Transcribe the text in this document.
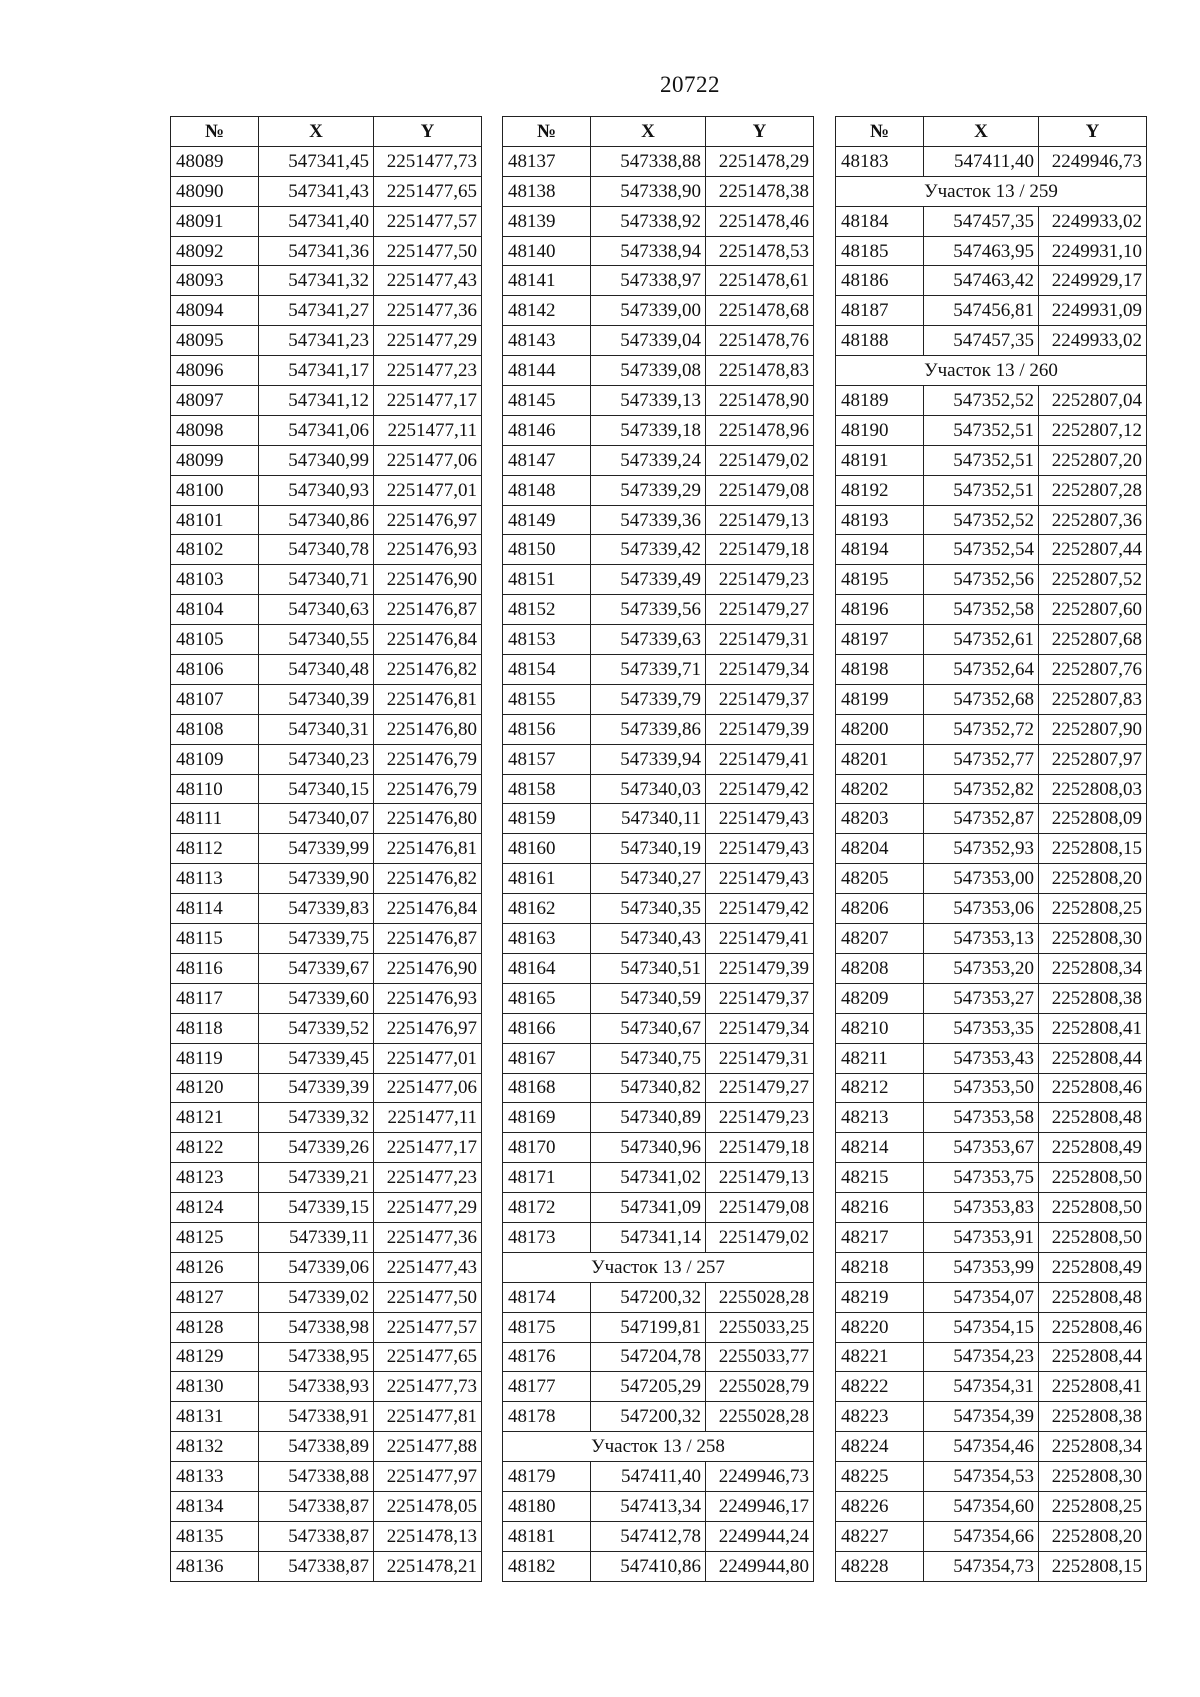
20722
№	X	Y
48089	547341,45	2251477,73
48090	547341,43	2251477,65
48091	547341,40	2251477,57
48092	547341,36	2251477,50
48093	547341,32	2251477,43
48094	547341,27	2251477,36
48095	547341,23	2251477,29
48096	547341,17	2251477,23
48097	547341,12	2251477,17
48098	547341,06	2251477,11
48099	547340,99	2251477,06
48100	547340,93	2251477,01
48101	547340,86	2251476,97
48102	547340,78	2251476,93
48103	547340,71	2251476,90
48104	547340,63	2251476,87
48105	547340,55	2251476,84
48106	547340,48	2251476,82
48107	547340,39	2251476,81
48108	547340,31	2251476,80
48109	547340,23	2251476,79
48110	547340,15	2251476,79
48111	547340,07	2251476,80
48112	547339,99	2251476,81
48113	547339,90	2251476,82
48114	547339,83	2251476,84
48115	547339,75	2251476,87
48116	547339,67	2251476,90
48117	547339,60	2251476,93
48118	547339,52	2251476,97
48119	547339,45	2251477,01
48120	547339,39	2251477,06
48121	547339,32	2251477,11
48122	547339,26	2251477,17
48123	547339,21	2251477,23
48124	547339,15	2251477,29
48125	547339,11	2251477,36
48126	547339,06	2251477,43
48127	547339,02	2251477,50
48128	547338,98	2251477,57
48129	547338,95	2251477,65
48130	547338,93	2251477,73
48131	547338,91	2251477,81
48132	547338,89	2251477,88
48133	547338,88	2251477,97
48134	547338,87	2251478,05
48135	547338,87	2251478,13
48136	547338,87	2251478,21
№	X	Y
48137	547338,88	2251478,29
48138	547338,90	2251478,38
48139	547338,92	2251478,46
48140	547338,94	2251478,53
48141	547338,97	2251478,61
48142	547339,00	2251478,68
48143	547339,04	2251478,76
48144	547339,08	2251478,83
48145	547339,13	2251478,90
48146	547339,18	2251478,96
48147	547339,24	2251479,02
48148	547339,29	2251479,08
48149	547339,36	2251479,13
48150	547339,42	2251479,18
48151	547339,49	2251479,23
48152	547339,56	2251479,27
48153	547339,63	2251479,31
48154	547339,71	2251479,34
48155	547339,79	2251479,37
48156	547339,86	2251479,39
48157	547339,94	2251479,41
48158	547340,03	2251479,42
48159	547340,11	2251479,43
48160	547340,19	2251479,43
48161	547340,27	2251479,43
48162	547340,35	2251479,42
48163	547340,43	2251479,41
48164	547340,51	2251479,39
48165	547340,59	2251479,37
48166	547340,67	2251479,34
48167	547340,75	2251479,31
48168	547340,82	2251479,27
48169	547340,89	2251479,23
48170	547340,96	2251479,18
48171	547341,02	2251479,13
48172	547341,09	2251479,08
48173	547341,14	2251479,02
Участок 13 / 257		
48174	547200,32	2255028,28
48175	547199,81	2255033,25
48176	547204,78	2255033,77
48177	547205,29	2255028,79
48178	547200,32	2255028,28
Участок 13 / 258		
48179	547411,40	2249946,73
48180	547413,34	2249946,17
48181	547412,78	2249944,24
48182	547410,86	2249944,80
№	X	Y
48183	547411,40	2249946,73
Участок 13 / 259		
48184	547457,35	2249933,02
48185	547463,95	2249931,10
48186	547463,42	2249929,17
48187	547456,81	2249931,09
48188	547457,35	2249933,02
Участок 13 / 260		
48189	547352,52	2252807,04
48190	547352,51	2252807,12
48191	547352,51	2252807,20
48192	547352,51	2252807,28
48193	547352,52	2252807,36
48194	547352,54	2252807,44
48195	547352,56	2252807,52
48196	547352,58	2252807,60
48197	547352,61	2252807,68
48198	547352,64	2252807,76
48199	547352,68	2252807,83
48200	547352,72	2252807,90
48201	547352,77	2252807,97
48202	547352,82	2252808,03
48203	547352,87	2252808,09
48204	547352,93	2252808,15
48205	547353,00	2252808,20
48206	547353,06	2252808,25
48207	547353,13	2252808,30
48208	547353,20	2252808,34
48209	547353,27	2252808,38
48210	547353,35	2252808,41
48211	547353,43	2252808,44
48212	547353,50	2252808,46
48213	547353,58	2252808,48
48214	547353,67	2252808,49
48215	547353,75	2252808,50
48216	547353,83	2252808,50
48217	547353,91	2252808,50
48218	547353,99	2252808,49
48219	547354,07	2252808,48
48220	547354,15	2252808,46
48221	547354,23	2252808,44
48222	547354,31	2252808,41
48223	547354,39	2252808,38
48224	547354,46	2252808,34
48225	547354,53	2252808,30
48226	547354,60	2252808,25
48227	547354,66	2252808,20
48228	547354,73	2252808,15
